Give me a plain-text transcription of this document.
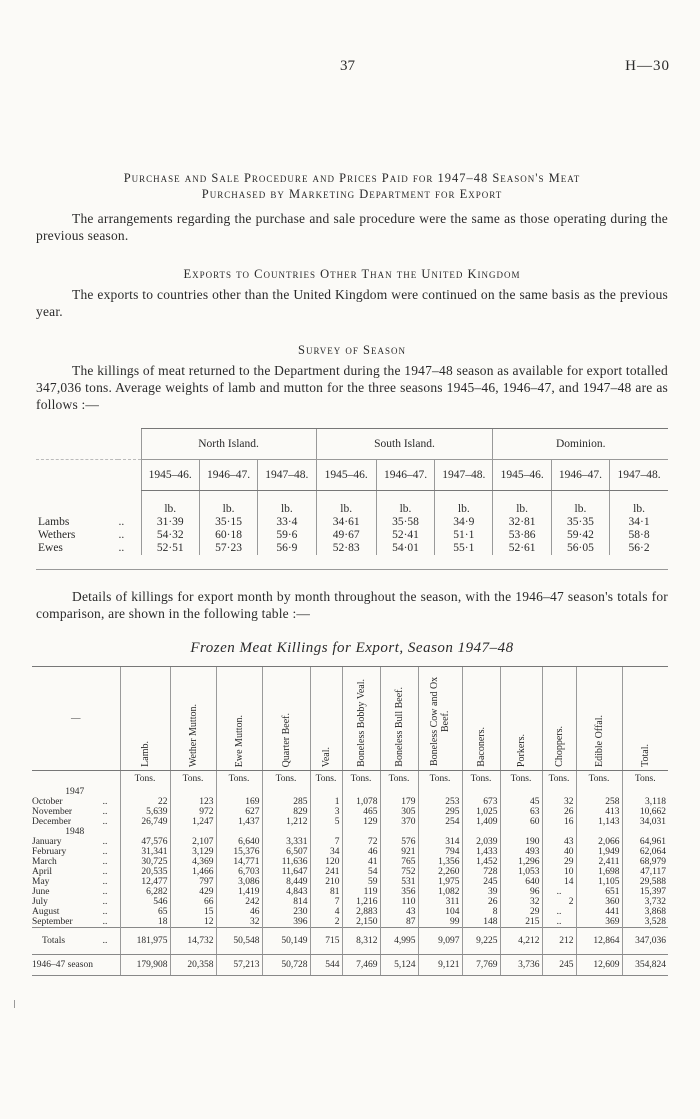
37	H—30
Purchase and Sale Procedure and Prices Paid for 1947–48 Season's Meat
Purchased by Marketing Department for Export
The arrangements regarding the purchase and sale procedure were the same as those operating during the previous season.
Exports to Countries Other Than the United Kingdom
The exports to countries other than the United Kingdom were continued on the same basis as the previous year.
Survey of Season
The killings of meat returned to the Department during the 1947–48 season as available for export totalled 347,036 tons. Average weights of lamb and mutton for the three seasons 1945–46, 1946–47, and 1947–48 are as follows :—
		North Island.			South Island.			Dominion.		
		1945–46.	1946–47.	1947–48.	1945–46.	1946–47.	1947–48.	1945–46.	1946–47.	1947–48.
		lb.	lb.	lb.	lb.	lb.	lb.	lb.	lb.	lb.
Lambs	..	31·39	35·15	33·4	34·61	35·58	34·9	32·81	35·35	34·1
Wethers	..	54·32	60·18	59·6	49·67	52·41	51·1	53·86	59·42	58·8
Ewes	..	52·51	57·23	56·9	52·83	54·01	55·1	52·61	56·05	56·2

Details of killings for export month by month throughout the season, with the 1946–47 season's totals for comparison, are shown in the following table :—
Frozen Meat Killings for Export, Season 1947–48
—	Lamb.	Wether Mutton.	Ewe Mutton.	Quarter Beef.	Veal.	Boneless Bobby Veal.	Boneless Bull Beef.	Boneless Cow and Ox Beef.	Baconers.	Porkers.	Choppers.	Edible Offal.	Total.
	Tons.	Tons.	Tons.	Tons.	Tons.	Tons.	Tons.	Tons.	Tons.	Tons.	Tons.	Tons.	Tons.
1947													
October ..	22	123	169	285	1	1,078	179	253	673	45	32	258	3,118
November ..	5,639	972	627	829	3	465	305	295	1,025	63	26	413	10,662
December ..	26,749	1,247	1,437	1,212	5	129	370	254	1,409	60	16	1,143	34,031
1948													
January ..	47,576	2,107	6,640	3,331	7	72	576	314	2,039	190	43	2,066	64,961
February ..	31,341	3,129	15,376	6,507	34	46	921	794	1,433	493	40	1,949	62,064
March ..	30,725	4,369	14,771	11,636	120	41	765	1,356	1,452	1,296	29	2,411	68,979
April ..	20,535	1,466	6,703	11,647	241	54	752	2,260	728	1,053	10	1,698	47,117
May ..	12,477	797	3,086	8,449	210	59	531	1,975	245	640	14	1,105	29,588
June ..	6,282	429	1,419	4,843	81	119	356	1,082	39	96	..	651	15,397
July ..	546	66	242	814	7	1,216	110	311	26	32	2	360	3,732
August ..	65	15	46	230	4	2,883	43	104	8	29	..	441	3,868
September ..	18	12	32	396	2	2,150	87	99	148	215	..	369	3,528
Totals ..	181,975	14,732	50,548	50,149	715	8,312	4,995	9,097	9,225	4,212	212	12,864	347,036
1946–47 season	179,908	20,358	57,213	50,728	544	7,469	5,124	9,121	7,769	3,736	245	12,609	354,824
